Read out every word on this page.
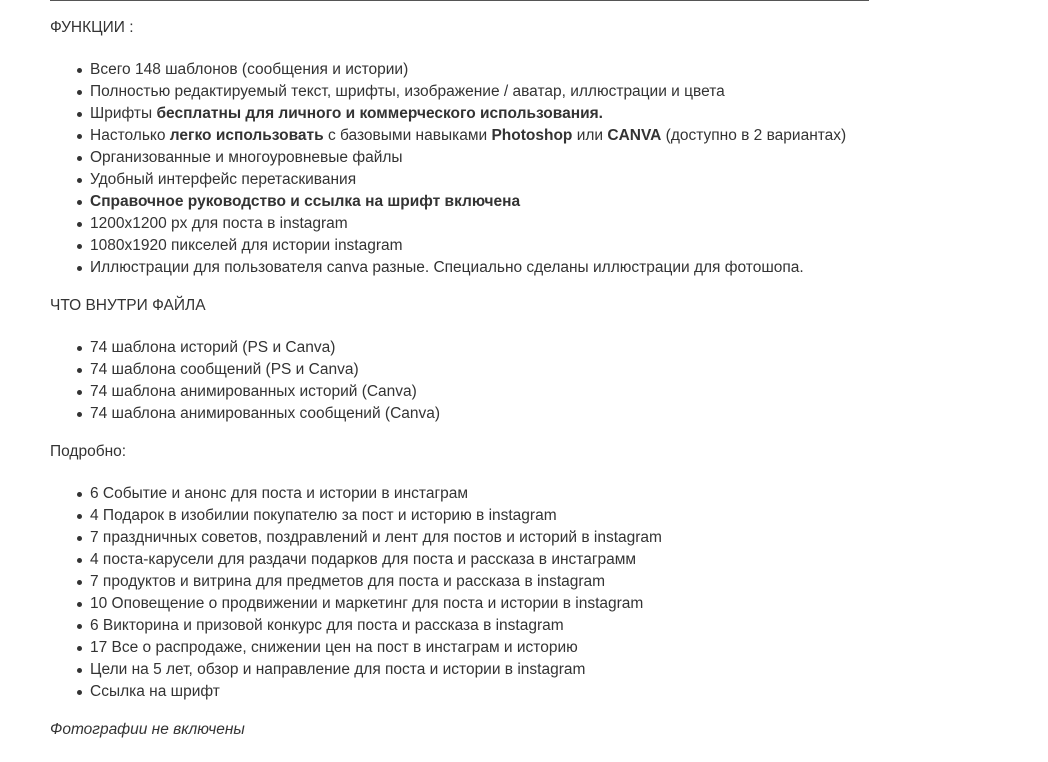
ФУНКЦИИ :

Всего 148 шаблонов (сообщения и истории)
Полностью редактируемый текст, шрифты, изображение / аватар, иллюстрации и цвета
Шрифты бесплатны для личного и коммерческого использования.
Настолько легко использовать с базовыми навыками Photoshop или CANVA (доступно в 2 вариантах)
Организованные и многоуровневые файлы
Удобный интерфейс перетаскивания
Справочное руководство и ссылка на шрифт включена
1200x1200 px для поста в instagram
1080x1920 пикселей для истории instagram
Иллюстрации для пользователя canva разные. Специально сделаны иллюстрации для фотошопа.

ЧТО ВНУТРИ ФАЙЛА

74 шаблона историй (PS и Canva)
74 шаблона сообщений (PS и Canva)
74 шаблона анимированных историй (Canva)
74 шаблона анимированных сообщений (Canva)

Подробно:

6 Событие и анонс для поста и истории в инстаграм
4 Подарок в изобилии покупателю за пост и историю в instagram
7 праздничных советов, поздравлений и лент для постов и историй в instagram
4 поста-карусели для раздачи подарков для поста и рассказа в инстаграмм
7 продуктов и витрина для предметов для поста и рассказа в instagram
10 Оповещение о продвижении и маркетинг для поста и истории в instagram
6 Викторина и призовой конкурс для поста и рассказа в instagram
17 Все о распродаже, снижении цен на пост в инстаграм и историю
Цели на 5 лет, обзор и направление для поста и истории в instagram
Ссылка на шрифт

Фотографии не включены
